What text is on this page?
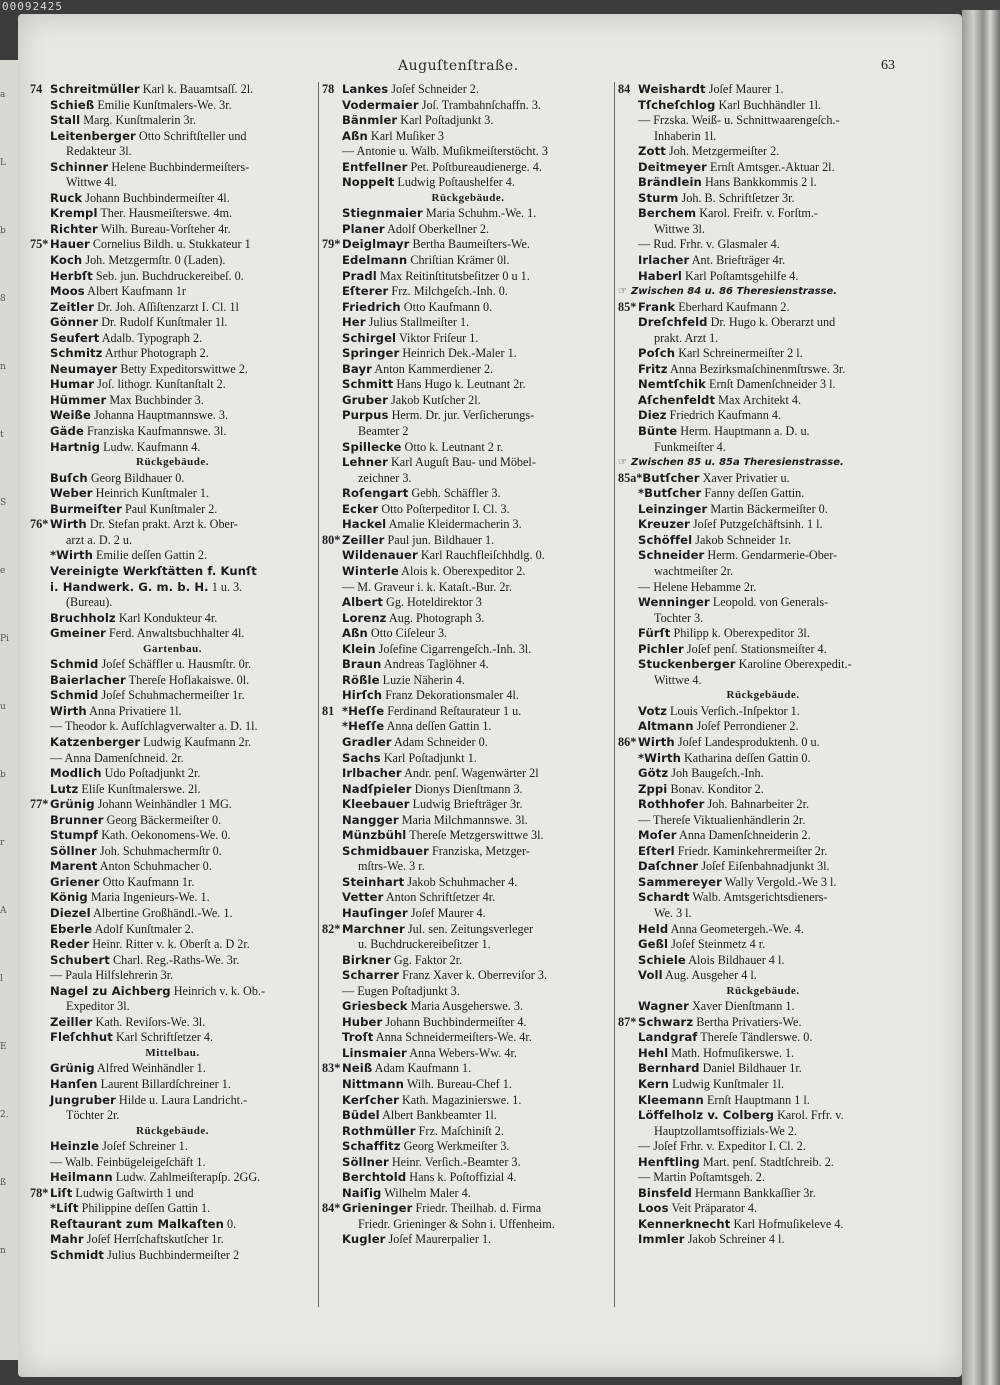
00092425
a
L
b
8
n
t
S
e
Pi
u
b
r
A
l
E
2.
ß
n
Auguſtenſtraße.	63
74 Schreitmüller Karl k. Bauamtsaſſ. 2l.
Schieß Emilie Kunſtmalers-We. 3r.
Stall Marg. Kunſtmalerin 3r.
Leitenberger Otto Schriftſteller und
Redakteur 3l.
Schinner Helene Buchbindermeiſters-
Wittwe 4l.
Ruck Johann Buchbindermeiſter 4l.
Krempl Ther. Hausmeiſterswe. 4m.
Richter Wilh. Bureau-Vorſteher 4r.
75* Hauer Cornelius Bildh. u. Stukkateur 1
Koch Joh. Metzgermſtr. 0 (Laden).
Herbſt Seb. jun. Buchdruckereibeſ. 0.
Moos Albert Kaufmann 1r
Zeitler Dr. Joh. Aſſiſtenzarzt I. Cl. 1l
Gönner Dr. Rudolf Kunſtmaler 1l.
Seufert Adalb. Typograph 2.
Schmitz Arthur Photograph 2.
Neumayer Betty Expeditorswittwe 2.
Humar Joſ. lithogr. Kunſtanſtalt 2.
Hümmer Max Buchbinder 3.
Weiße Johanna Hauptmannswe. 3.
Gäde Franziska Kaufmannswe. 3l.
Hartnig Ludw. Kaufmann 4.
Rückgebäude.
Buſch Georg Bildhauer 0.
Weber Heinrich Kunſtmaler 1.
Burmeiſter Paul Kunſtmaler 2.
76* Wirth Dr. Stefan prakt. Arzt k. Ober-
arzt a. D. 2 u.
*Wirth Emilie deſſen Gattin 2.
Vereinigte Werkſtätten f. Kunſt
i. Handwerk. G. m. b. H. 1 u. 3.
(Bureau).
Bruchholz Karl Kondukteur 4r.
Gmeiner Ferd. Anwaltsbuchhalter 4l.
Gartenbau.
Schmid Joſef Schäffler u. Hausmſtr. 0r.
Baierlacher Thereſe Hoflakaiswe. 0l.
Schmid Joſef Schuhmachermeiſter 1r.
Wirth Anna Privatiere 1l.
— Theodor k. Aufſchlagverwalter a. D. 1l.
Katzenberger Ludwig Kaufmann 2r.
— Anna Damenſchneid. 2r.
Modlich Udo Poſtadjunkt 2r.
Lutz Eliſe Kunſtmalerswe. 2l.
77* Grünig Johann Weinhändler 1 MG.
Brunner Georg Bäckermeiſter 0.
Stumpf Kath. Oekonomens-We. 0.
Söllner Joh. Schuhmachermſtr 0.
Marent Anton Schuhmacher 0.
Griener Otto Kaufmann 1r.
König Maria Ingenieurs-We. 1.
Diezel Albertine Großhändl.-We. 1.
Eberle Adolf Kunſtmaler 2.
Reder Heinr. Ritter v. k. Oberſt a. D 2r.
Schubert Charl. Reg.-Raths-We. 3r.
— Paula Hilfslehrerin 3r.
Nagel zu Aichberg Heinrich v. k. Ob.-
Expeditor 3l.
Zeiller Kath. Reviſors-We. 3l.
Fleſchhut Karl Schriftſetzer 4.
Mittelbau.
Grünig Alfred Weinhändler 1.
Hanſen Laurent Billardſchreiner 1.
Jungruber Hilde u. Laura Landricht.-
Töchter 2r.
Rückgebäude.
Heinzle Joſef Schreiner 1.
— Walb. Feinbügeleigeſchäft 1.
Heilmann Ludw. Zahlmeiſterapſp. 2GG.
78* Liſt Ludwig Gaſtwirth 1 und
*Liſt Philippine deſſen Gattin 1.
Reſtaurant zum Malkaſten 0.
Mahr Joſef Herrſchaftskutſcher 1r.
Schmidt Julius Buchbindermeiſter 2
78 Lankes Joſef Schneider 2.
Vodermaier Joſ. Trambahnſchaffn. 3.
Bänmler Karl Poſtadjunkt 3.
Aßn Karl Muſiker 3
— Antonie u. Walb. Muſikmeiſterstöcht. 3
Entfellner Pet. Poſtbureaudienerge. 4.
Noppelt Ludwig Poſtaushelfer 4.
Rückgebäude.
Stiegnmaier Maria Schuhm.-We. 1.
Planer Adolf Oberkellner 2.
79* Deiglmayr Bertha Baumeiſters-We.
Edelmann Chriſtian Krämer 0l.
Pradl Max Reitinſtitutsbeſitzer 0 u 1.
Eſterer Frz. Milchgeſch.-Inh. 0.
Friedrich Otto Kaufmann 0.
Her Julius Stallmeiſter 1.
Schirgel Viktor Friſeur 1.
Springer Heinrich Dek.-Maler 1.
Bayr Anton Kammerdiener 2.
Schmitt Hans Hugo k. Leutnant 2r.
Gruber Jakob Kutſcher 2l.
Purpus Herm. Dr. jur. Verſicherungs-
Beamter 2
Spillecke Otto k. Leutnant 2 r.
Lehner Karl Auguſt Bau- und Möbel-
zeichner 3.
Roſengart Gebh. Schäffler 3.
Ecker Otto Poſterpeditor I. Cl. 3.
Hackel Amalie Kleidermacherin 3.
80* Zeiller Paul jun. Bildhauer 1.
Wildenauer Karl Rauchfleiſchhdlg. 0.
Winterle Alois k. Oberexpeditor 2.
— M. Graveur i. k. Kataſt.-Bur. 2r.
Albert Gg. Hoteldirektor 3
Lorenz Aug. Photograph 3.
Aßn Otto Ciſeleur 3.
Klein Joſefine Cigarrengeſch.-Inh. 3l.
Braun Andreas Taglöhner 4.
Rößle Luzie Näherin 4.
Hirſch Franz Dekorationsmaler 4l.
81 *Heſſe Ferdinand Reſtaurateur 1 u.
*Heſſe Anna deſſen Gattin 1.
Gradler Adam Schneider 0.
Sachs Karl Poſtadjunkt 1.
Irlbacher Andr. penſ. Wagenwärter 2l
Nadſpieler Dionys Dienſtmann 3.
Kleebauer Ludwig Briefträger 3r.
Nangger Maria Milchmannswe. 3l.
Münzbühl Thereſe Metzgerswittwe 3l.
Schmidbauer Franziska, Metzger-
mſtrs-We. 3 r.
Steinhart Jakob Schuhmacher 4.
Vetter Anton Schriftſetzer 4r.
Hauſinger Joſef Maurer 4.
82* Marchner Jul. sen. Zeitungsverleger
u. Buchdruckereibeſitzer 1.
Birkner Gg. Faktor 2r.
Scharrer Franz Xaver k. Oberreviſor 3.
— Eugen Poſtadjunkt 3.
Griesbeck Maria Ausgeherswe. 3.
Huber Johann Buchbindermeiſter 4.
Troſt Anna Schneidermeiſters-We. 4r.
Linsmaier Anna Webers-Ww. 4r.
83* Neiß Adam Kaufmann 1.
Nittmann Wilh. Bureau-Chef 1.
Kerſcher Kath. Magazinierswe. 1.
Büdel Albert Bankbeamter 1l.
Rothmüller Frz. Maſchiniſt 2.
Schaffitz Georg Werkmeiſter 3.
Söllner Heinr. Verſich.-Beamter 3.
Berchtold Hans k. Poſtoffizial 4.
Naiſig Wilhelm Maler 4.
84* Grieninger Friedr. Theilhab. d. Firma
Friedr. Grieninger & Sohn i. Uffenheim.
Kugler Joſef Maurerpalier 1.
84 Weishardt Joſef Maurer 1.
Tſcheſchlog Karl Buchhändler 1l.
— Frzska. Weiß- u. Schnittwaarengeſch.-
Inhaberin 1l.
Zott Joh. Metzgermeiſter 2.
Deitmeyer Ernſt Amtsger.-Aktuar 2l.
Brändlein Hans Bankkommis 2 l.
Sturm Joh. B. Schriftſetzer 3r.
Berchem Karol. Freifr. v. Forſtm.-
Wittwe 3l.
— Rud. Frhr. v. Glasmaler 4.
Irlacher Ant. Briefträger 4r.
Haberl Karl Poſtamtsgehilfe 4.
☞ Zwischen 84 u. 86 Theresienstrasse.
85* Frank Eberhard Kaufmann 2.
Dreſchfeld Dr. Hugo k. Oberarzt und
prakt. Arzt 1.
Poſch Karl Schreinermeiſter 2 l.
Fritz Anna Bezirksmaſchinenmſtrswe. 3r.
Nemtſchik Ernſt Damenſchneider 3 l.
Aſchenfeldt Max Architekt 4.
Diez Friedrich Kaufmann 4.
Bünte Herm. Hauptmann a. D. u.
Funkmeiſter 4.
☞ Zwischen 85 u. 85a Theresienstrasse.
85a*Butſcher Xaver Privatier u.
*Butſcher Fanny deſſen Gattin.
Leinzinger Martin Bäckermeiſter 0.
Kreuzer Joſef Putzgeſchäftsinh. 1 l.
Schöffel Jakob Schneider 1r.
Schneider Herm. Gendarmerie-Ober-
wachtmeiſter 2r.
— Helene Hebamme 2r.
Wenninger Leopold. von Generals-
Tochter 3.
Fürſt Philipp k. Oberexpeditor 3l.
Pichler Joſef penſ. Stationsmeiſter 4.
Stuckenberger Karoline Oberexpedit.-
Wittwe 4.
Rückgebäude.
Votz Louis Verſich.-Inſpektor 1.
Altmann Joſef Perrondiener 2.
86* Wirth Joſef Landesproduktenh. 0 u.
*Wirth Katharina deſſen Gattin 0.
Götz Joh Baugeſch.-Inh.
Zppi Bonav. Konditor 2.
Rothhofer Joh. Bahnarbeiter 2r.
— Thereſe Viktualienhändlerin 2r.
Moſer Anna Damenſchneiderin 2.
Eſterl Friedr. Kaminkehrermeiſter 2r.
Daſchner Joſef Eiſenbahnadjunkt 3l.
Sammereyer Wally Vergold.-We 3 l.
Schardt Walb. Amtsgerichtsdieners-
We. 3 l.
Held Anna Geometergeh.-We. 4.
Geßl Joſef Steinmetz 4 r.
Schiele Alois Bildhauer 4 l.
Voll Aug. Ausgeher 4 l.
Rückgebäude.
Wagner Xaver Dienſtmann 1.
87* Schwarz Bertha Privatiers-We.
Landgraf Thereſe Tändlerswe. 0.
Hehl Math. Hofmuſikerswe. 1.
Bernhard Daniel Bildhauer 1r.
Kern Ludwig Kunſtmaler 1l.
Kleemann Ernſt Hauptmann 1 l.
Löffelholz v. Colberg Karol. Frfr. v.
Hauptzollamtsoffizials-We 2.
— Joſef Frhr. v. Expeditor I. Cl. 2.
Henftling Mart. penſ. Stadtſchreib. 2.
— Martin Poſtamtsgeh. 2.
Binsfeld Hermann Bankkaſſier 3r.
Loos Veit Präparator 4.
Kennerknecht Karl Hofmuſikeleve 4.
Immler Jakob Schreiner 4 l.
